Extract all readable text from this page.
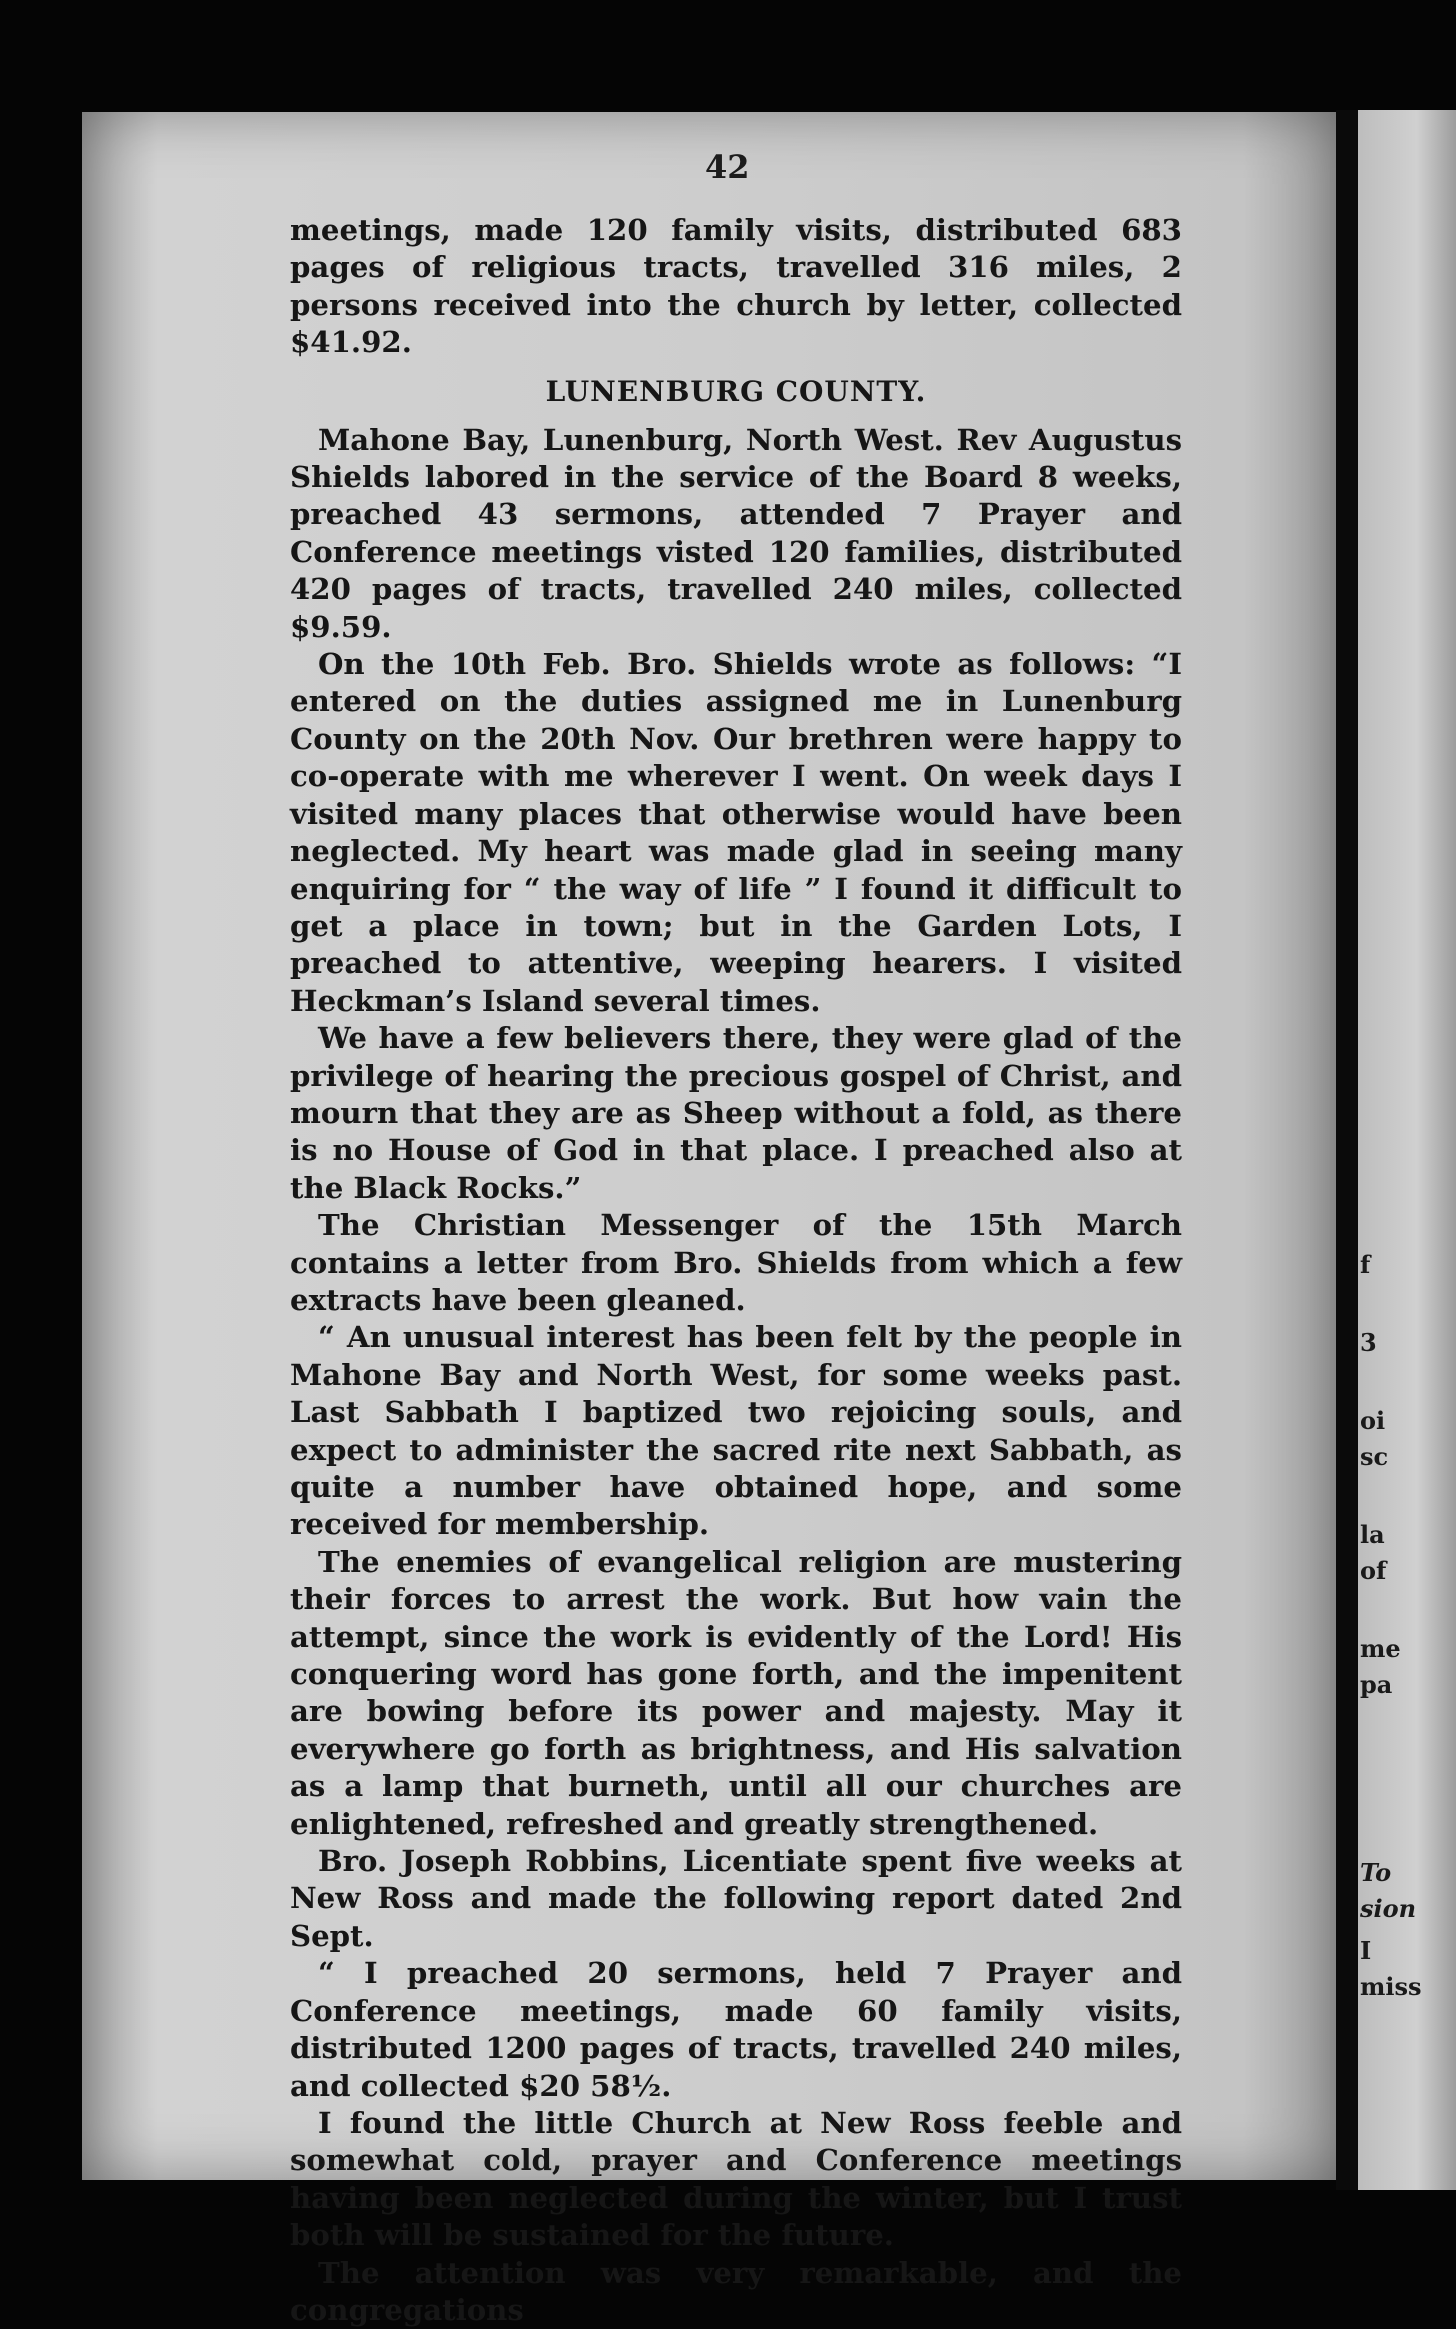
f
3
oi
sc
la
of
me
pa
To
sion
I
miss
42

meetings, made 120 family visits, distributed 683 pages of religious tracts, travelled 316 miles, 2 persons received into the church by letter, collected $41.92.

LUNENBURG COUNTY.

Mahone Bay, Lunenburg, North West. Rev Augustus Shields labored in the service of the Board 8 weeks, preached 43 sermons, attended 7 Prayer and Conference meetings visted 120 families, distributed 420 pages of tracts, travelled 240 miles, collected $9.59.

On the 10th Feb. Bro. Shields wrote as follows: “I entered on the duties assigned me in Lunenburg County on the 20th Nov. Our brethren were happy to co-operate with me wherever I went. On week days I visited many places that otherwise would have been neglected. My heart was made glad in seeing many enquiring for “ the way of life ” I found it difficult to get a place in town; but in the Garden Lots, I preached to attentive, weeping hearers. I visited Heckman’s Island several times.

We have a few believers there, they were glad of the privilege of hearing the precious gospel of Christ, and mourn that they are as Sheep without a fold, as there is no House of God in that place. I preached also at the Black Rocks.”

The Christian Messenger of the 15th March contains a letter from Bro. Shields from which a few extracts have been gleaned.

“ An unusual interest has been felt by the people in Mahone Bay and North West, for some weeks past. Last Sabbath I baptized two rejoicing souls, and expect to administer the sacred rite next Sabbath, as quite a number have obtained hope, and some received for membership.

The enemies of evangelical religion are mustering their forces to arrest the work. But how vain the attempt, since the work is evidently of the Lord! His conquering word has gone forth, and the impenitent are bowing before its power and majesty. May it everywhere go forth as brightness, and His salvation as a lamp that burneth, until all our churches are enlightened, refreshed and greatly strengthened.

Bro. Joseph Robbins, Licentiate spent five weeks at New Ross and made the following report dated 2nd Sept.

“ I preached 20 sermons, held 7 Prayer and Conference meetings, made 60 family visits, distributed 1200 pages of tracts, travelled 240 miles, and collected $20 58½.

I found the little Church at New Ross feeble and somewhat cold, prayer and Conference meetings having been neglected during the winter, but I trust both will be sustained for the future.

The attention was very remarkable, and the congregations
